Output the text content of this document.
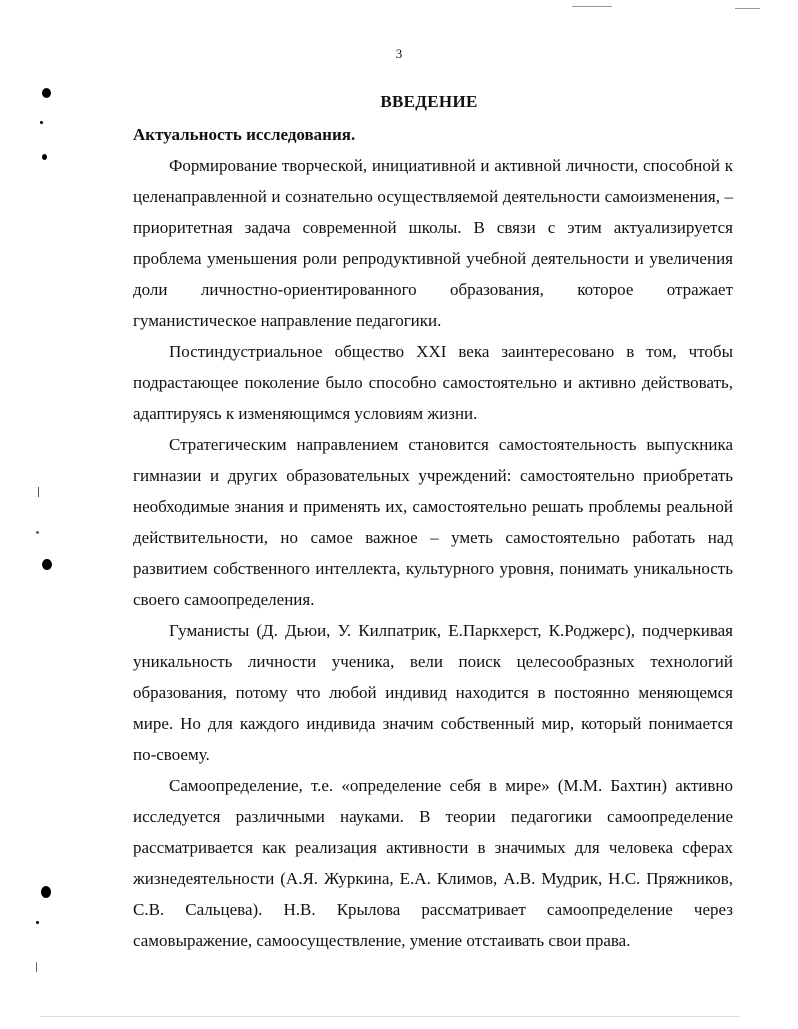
3
ВВЕДЕНИЕ
Актуальность исследования.

Формирование творческой, инициативной и активной личности, способной к целенаправленной и сознательно осуществляемой деятельности самоизменения, – приоритетная задача современной школы. В связи с этим актуализируется проблема уменьшения роли репродуктивной учебной деятельности и увеличения доли личностно-ориентированного образования, которое отражает гуманистическое направление педагогики.

Постиндустриальное общество XXI века заинтересовано в том, чтобы подрастающее поколение было способно самостоятельно и активно действовать, адаптируясь к изменяющимся условиям жизни.

Стратегическим направлением становится самостоятельность выпускника гимназии и других образовательных учреждений: самостоятельно приобретать необходимые знания и применять их, самостоятельно решать проблемы реальной действительности, но самое важное – уметь самостоятельно работать над развитием собственного интеллекта, культурного уровня, понимать уникальность своего самоопределения.

Гуманисты (Д. Дьюи, У. Килпатрик, Е.Паркхерст, К.Роджерс), подчеркивая уникальность личности ученика, вели поиск целесообразных технологий образования, потому что любой индивид находится в постоянно меняющемся мире. Но для каждого индивида значим собственный мир, который понимается по-своему.

Самоопределение, т.е. «определение себя в мире» (М.М. Бахтин) активно исследуется различными науками. В теории педагогики самоопределение рассматривается как реализация активности в значимых для человека сферах жизнедеятельности (А.Я. Журкина, Е.А. Климов, А.В. Мудрик, Н.С. Пряжников, С.В. Сальцева). Н.В. Крылова рассматривает самоопределение через самовыражение, самоосуществление, умение отстаивать свои права.
